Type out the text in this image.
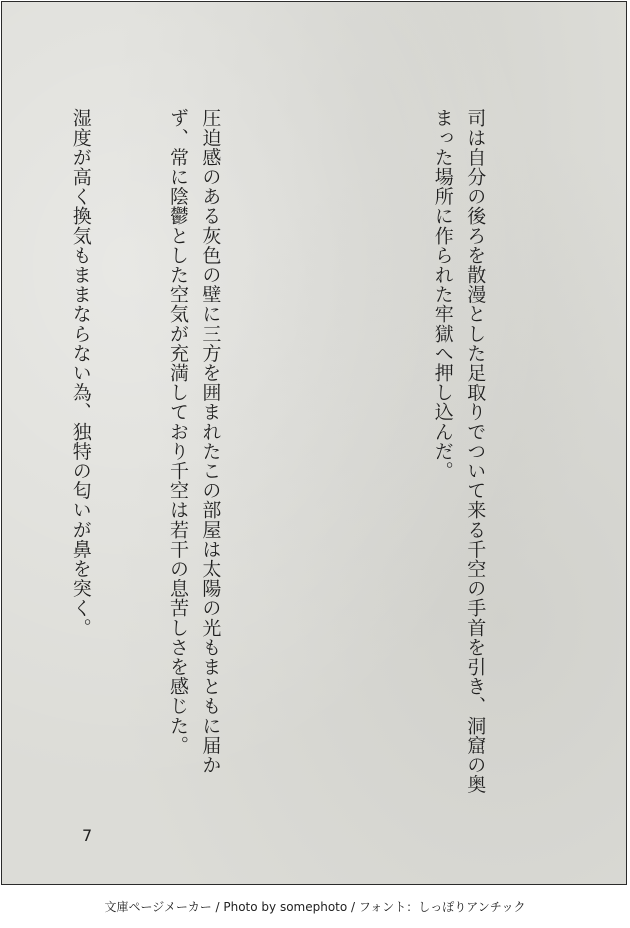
司は自分の後ろを散漫とした足取りでついて来る千空の手首を引き、洞窟の奥まった場所に作られた牢獄へ押し込んだ。

圧迫感のある灰色の壁に三方を囲まれたこの部屋は太陽の光もまともに届かず、常に陰鬱とした空気が充満しており千空は若干の息苦しさを感じた。

湿度が高く換気もままならない為、独特の匂いが鼻を突く。

7
文庫ページメーカー / Photo by somephoto / フォント：しっぽりアンチック
